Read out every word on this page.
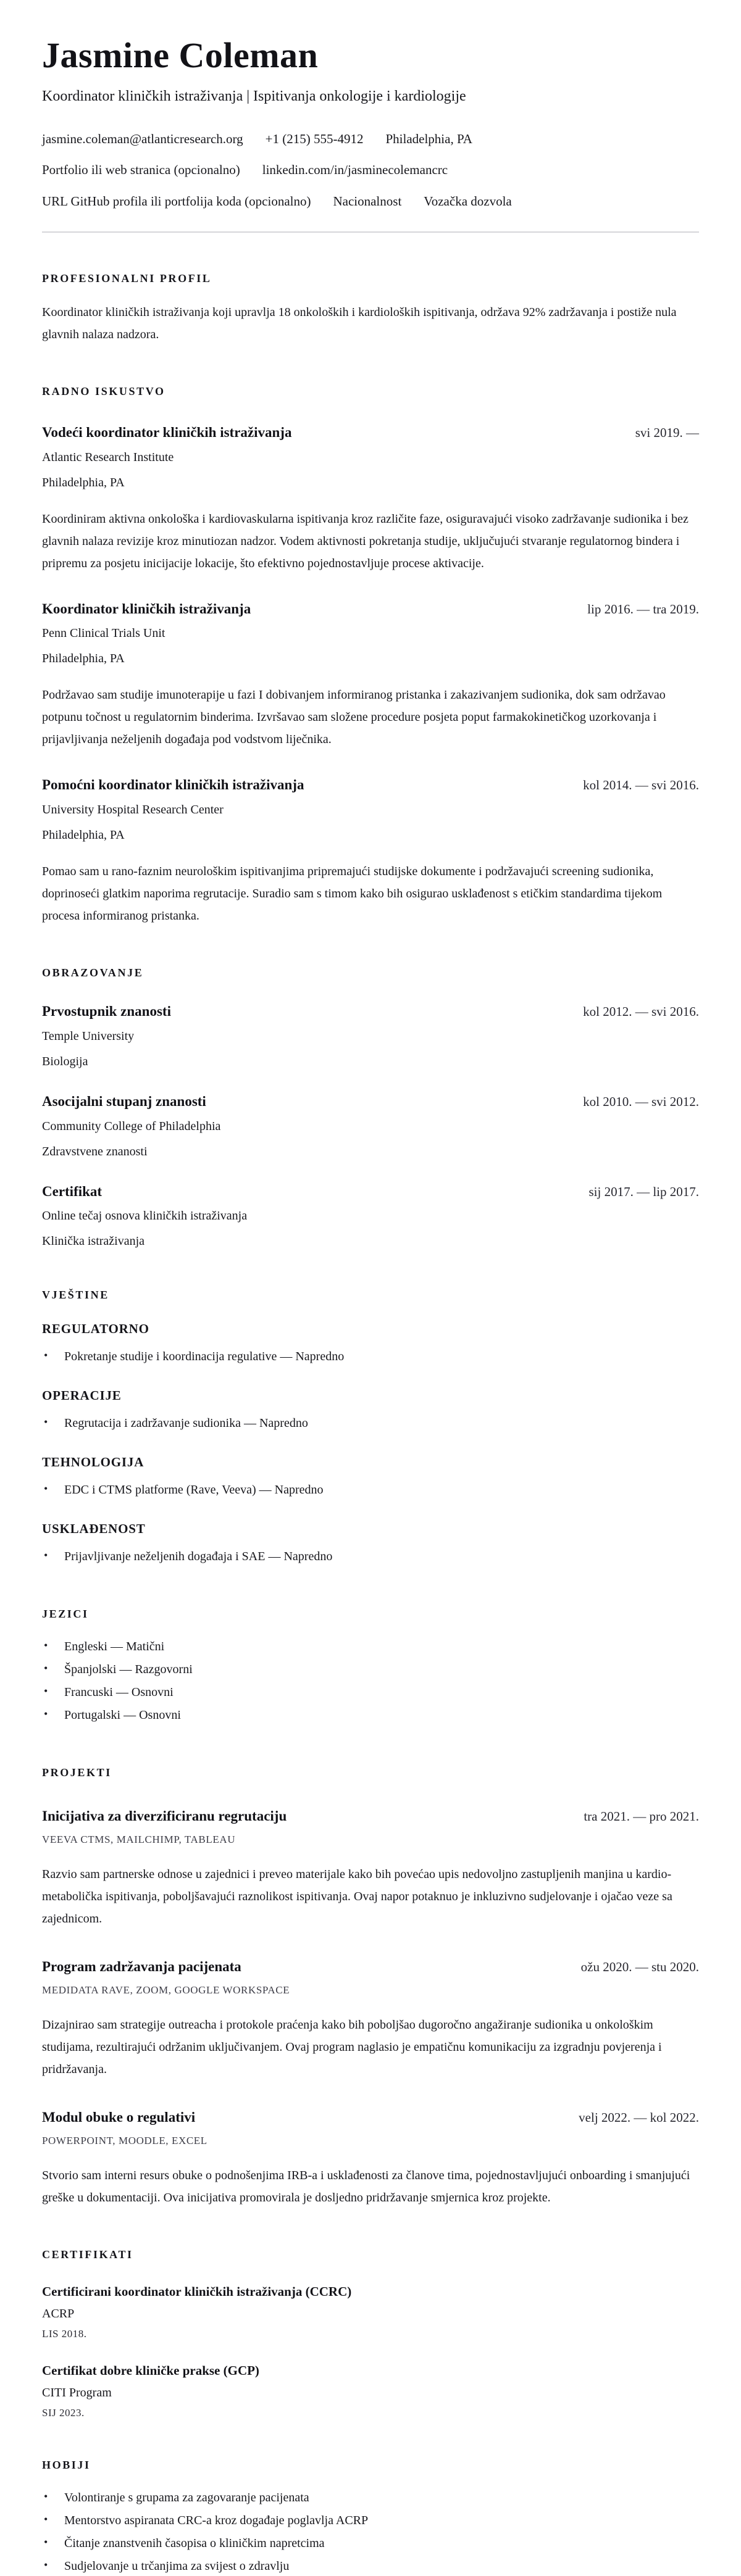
Jasmine Coleman
Koordinator kliničkih istraživanja | Ispitivanja onkologije i kardiologije
jasmine.coleman@atlanticresearch.org +1 (215) 555-4912 Philadelphia, PA
Portfolio ili web stranica (opcionalno) linkedin.com/in/jasminecolemancrc
URL GitHub profila ili portfolija koda (opcionalno) Nacionalnost Vozačka dozvola
PROFESIONALNI PROFIL

Koordinator kliničkih istraživanja koji upravlja 18 onkoloških i kardioloških ispitivanja, održava 92% zadržavanja i postiže nula glavnih nalaza nadzora.

RADNO ISKUSTVO
Vodeći koordinator kliničkih istraživanja	svi 2019. —
Atlantic Research Institute
Philadelphia, PA

Koordiniram aktivna onkološka i kardiovaskularna ispitivanja kroz različite faze, osiguravajući visoko zadržavanje sudionika i bez glavnih nalaza revizije kroz minutiozan nadzor. Vodem aktivnosti pokretanja studije, uključujući stvaranje regulatornog bindera i pripremu za posjetu inicijacije lokacije, što efektivno pojednostavljuje procese aktivacije.

Koordinator kliničkih istraživanja	lip 2016. — tra 2019.
Penn Clinical Trials Unit
Philadelphia, PA

Podržavao sam studije imunoterapije u fazi I dobivanjem informiranog pristanka i zakazivanjem sudionika, dok sam održavao potpunu točnost u regulatornim binderima. Izvršavao sam složene procedure posjeta poput farmakokinetičkog uzorkovanja i prijavljivanja neželjenih događaja pod vodstvom liječnika.

Pomoćni koordinator kliničkih istraživanja	kol 2014. — svi 2016.
University Hospital Research Center
Philadelphia, PA

Pomao sam u rano-faznim neurološkim ispitivanjima pripremajući studijske dokumente i podržavajući screening sudionika, doprinoseći glatkim naporima regrutacije. Suradio sam s timom kako bih osigurao usklađenost s etičkim standardima tijekom procesa informiranog pristanka.

OBRAZOVANJE
Prvostupnik znanosti	kol 2012. — svi 2016.
Temple University
Biologija
Asocijalni stupanj znanosti	kol 2010. — svi 2012.
Community College of Philadelphia
Zdravstvene znanosti
Certifikat	sij 2017. — lip 2017.
Online tečaj osnova kliničkih istraživanja
Klinička istraživanja
VJEŠTINE
REGULATORNO
• Pokretanje studije i koordinacija regulative — Napredno
OPERACIJE
• Regrutacija i zadržavanje sudionika — Napredno
TEHNOLOGIJA
• EDC i CTMS platforme (Rave, Veeva) — Napredno
USKLAĐENOST
• Prijavljivanje neželjenih događaja i SAE — Napredno
JEZICI
• Engleski — Matični
• Španjolski — Razgovorni
• Francuski — Osnovni
• Portugalski — Osnovni
PROJEKTI
Inicijativa za diverzificiranu regrutaciju	tra 2021. — pro 2021.
VEEVA CTMS, MAILCHIMP, TABLEAU

Razvio sam partnerske odnose u zajednici i preveo materijale kako bih povećao upis nedovoljno zastupljenih manjina u kardio-metabolička ispitivanja, poboljšavajući raznolikost ispitivanja. Ovaj napor potaknuo je inkluzivno sudjelovanje i ojačao veze sa zajednicom.

Program zadržavanja pacijenata	ožu 2020. — stu 2020.
MEDIDATA RAVE, ZOOM, GOOGLE WORKSPACE

Dizajnirao sam strategije outreacha i protokole praćenja kako bih poboljšao dugoročno angažiranje sudionika u onkološkim studijama, rezultirajući održanim uključivanjem. Ovaj program naglasio je empatičnu komunikaciju za izgradnju povjerenja i pridržavanja.

Modul obuke o regulativi	velj 2022. — kol 2022.
POWERPOINT, MOODLE, EXCEL

Stvorio sam interni resurs obuke o podnošenjima IRB-a i usklađenosti za članove tima, pojednostavljujući onboarding i smanjujući greške u dokumentaciji. Ova inicijativa promovirala je dosljedno pridržavanje smjernica kroz projekte.

CERTIFIKATI
Certificirani koordinator kliničkih istraživanja (CCRC)
ACRP
LIS 2018.
Certifikat dobre kliničke prakse (GCP)
CITI Program
SIJ 2023.
HOBIJI
• Volontiranje s grupama za zagovaranje pacijenata
• Mentorstvo aspiranata CRC-a kroz događaje poglavlja ACRP
• Čitanje znanstvenih časopisa o kliničkim napretcima
• Sudjelovanje u trčanjima za svijest o zdravlju
